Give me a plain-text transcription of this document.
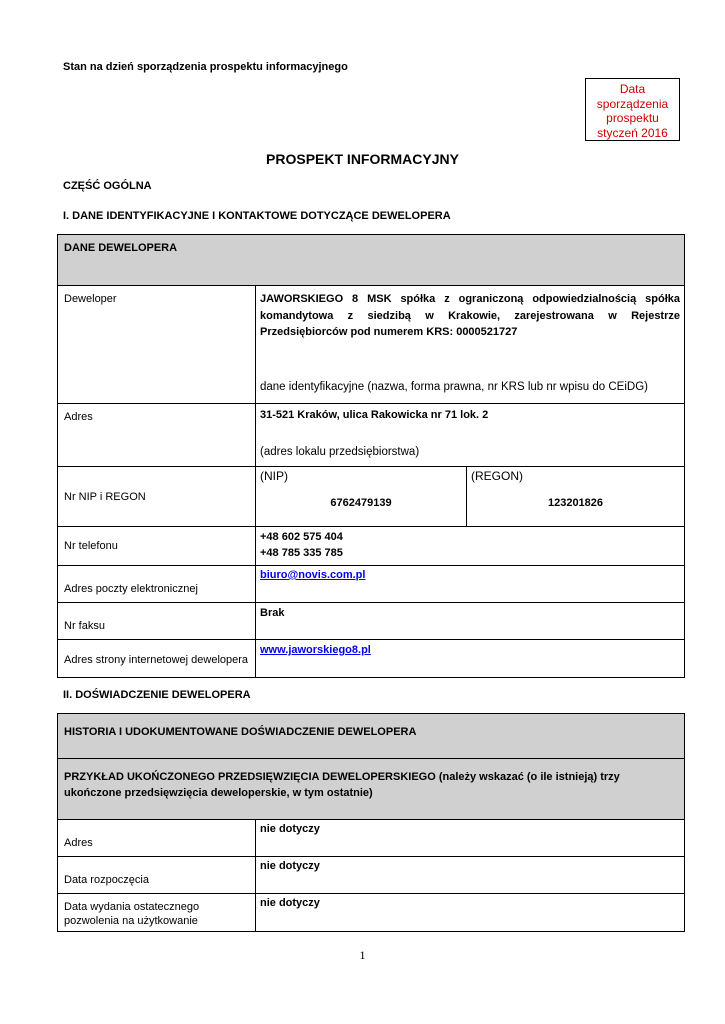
Stan na dzień sporządzenia prospektu informacyjnego
Data
sporządzenia
prospektu
styczeń 2016
PROSPEKT INFORMACYJNY
CZĘŚĆ OGÓLNA
I. DANE IDENTYFIKACYJNE I KONTAKTOWE DOTYCZĄCE DEWELOPERA
DANE DEWELOPERA
Deweloper	JAWORSKIEGO 8 MSK spółka z ograniczoną odpowiedzialnością spółka komandytowa z siedzibą w Krakowie, zarejestrowana w Rejestrze Przedsiębiorców pod numerem KRS: 0000521727
dane identyfikacyjne (nazwa, forma prawna, nr KRS lub nr wpisu do CEiDG)
Adres	31-521 Kraków, ulica Rakowicka nr 71 lok. 2
(adres lokalu przedsiębiorstwa)
Nr NIP i REGON
(NIP)
6762479139
(REGON)
123201826
Nr telefonu
+48 602 575 404
+48 785 335 785
Adres poczty elektronicznej
biuro@novis.com.pl
Nr faksu
Brak
Adres strony internetowej dewelopera
www.jaworskiego8.pl
II. DOŚWIADCZENIE DEWELOPERA
HISTORIA I UDOKUMENTOWANE DOŚWIADCZENIE DEWELOPERA
PRZYKŁAD UKOŃCZONEGO PRZEDSIĘWZIĘCIA DEWELOPERSKIEGO (należy wskazać (o ile istnieją) trzy ukończone przedsięwzięcia deweloperskie, w tym ostatnie)
Adres
nie dotyczy
Data rozpoczęcia
nie dotyczy
Data wydania ostatecznego pozwolenia na użytkowanie
nie dotyczy
1
